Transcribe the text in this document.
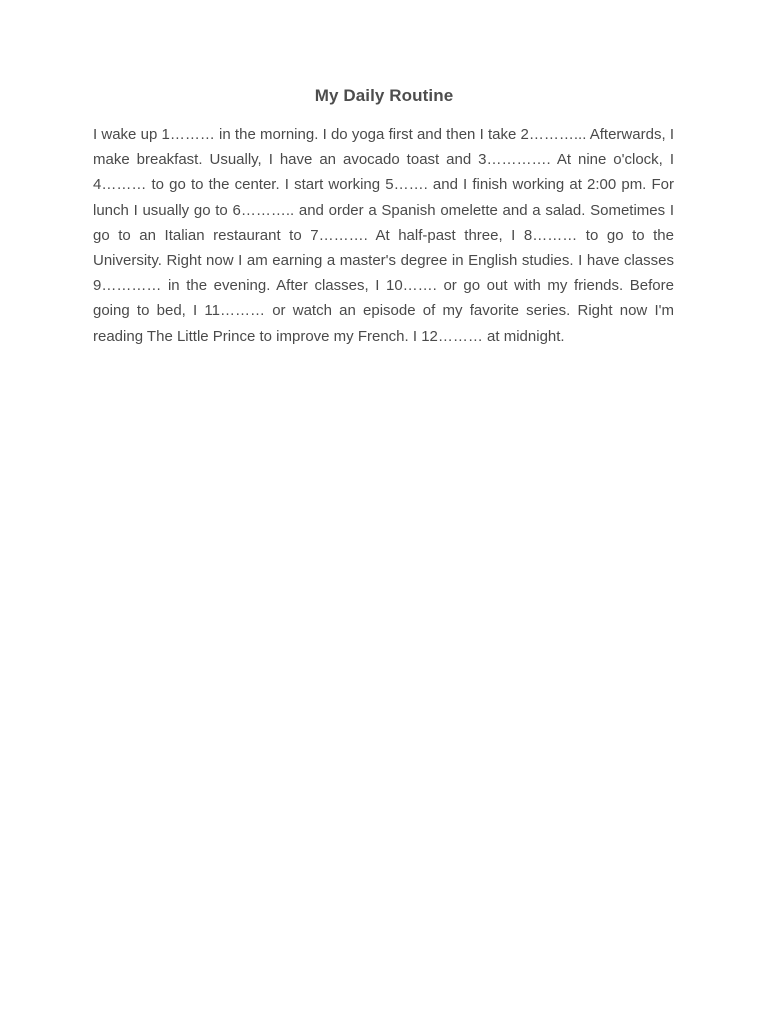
My Daily Routine

I wake up 1……… in the morning. I do yoga first and then I take 2………... Afterwards, I make breakfast. Usually, I have an avocado toast and 3…………. At nine o'clock, I 4……… to go to the center. I start working 5……. and I finish working at 2:00 pm. For lunch I usually go to 6……….. and order a Spanish omelette and a salad. Sometimes I go to an Italian restaurant to 7………. At half-past three, I 8……… to go to the University. Right now I am earning a master's degree in English studies. I have classes 9………… in the evening. After classes, I 10……. or go out with my friends. Before going to bed, I 11……… or watch an episode of my favorite series. Right now I'm reading The Little Prince to improve my French. I 12……… at midnight.
